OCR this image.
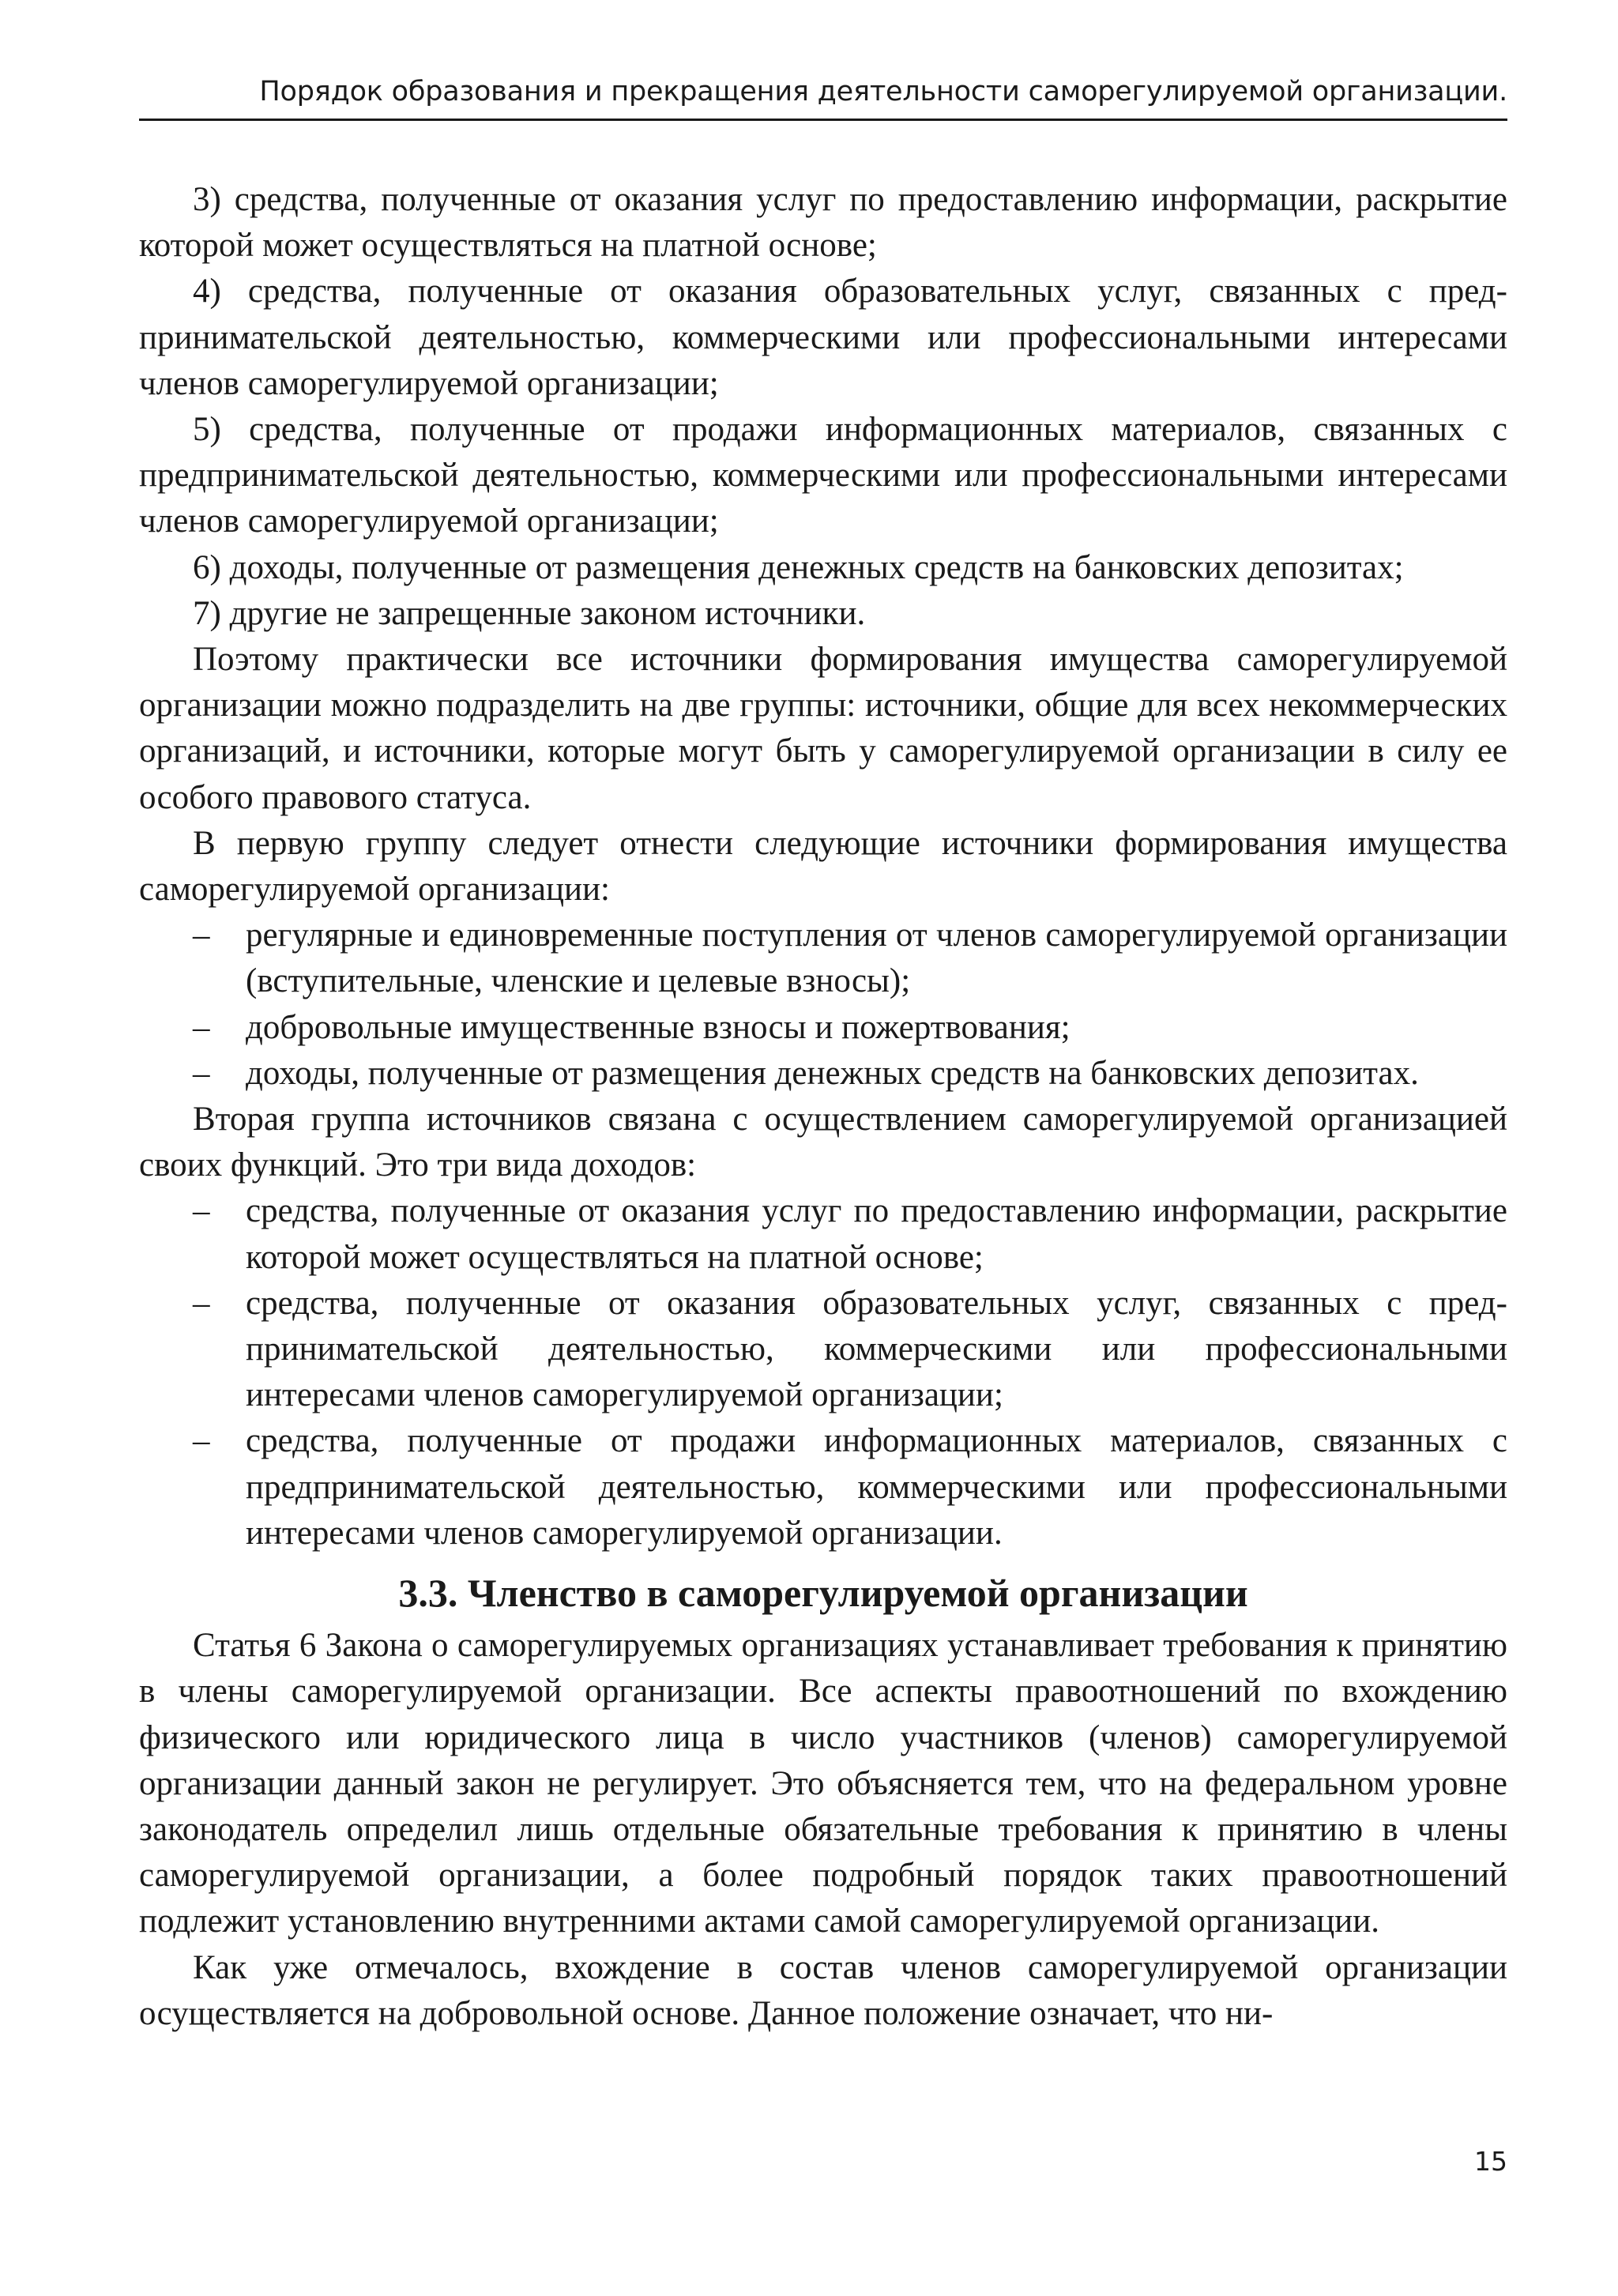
Порядок образования и прекращения деятельности саморегулируемой организации.

3) средства, полученные от оказания услуг по предоставлению информации, раскрытие которой может осуществляться на платной основе;

4) средства, полученные от оказания образовательных услуг, связанных с предпринимательской деятельностью, коммерческими или профессиональными интересами членов саморегулируемой организации;

5) средства, полученные от продажи информационных материалов, связанных с предпринимательской деятельностью, коммерческими или профессиональными интересами членов саморегулируемой организации;

6) доходы, полученные от размещения денежных средств на банковских депозитах;

7) другие не запрещенные законом источники.

Поэтому практически все источники формирования имущества саморегулируемой организации можно подразделить на две группы: источники, общие для всех некоммерческих организаций, и источники, которые могут быть у саморегулируемой организации в силу ее особого правового статуса.

В первую группу следует отнести следующие источники формирования имущества саморегулируемой организации:

– регулярные и единовременные поступления от членов саморегулируемой организации (вступительные, членские и целевые взносы);
– добровольные имущественные взносы и пожертвования;
– доходы, полученные от размещения денежных средств на банковских депозитах.

Вторая группа источников связана с осуществлением саморегулируемой организацией своих функций. Это три вида доходов:

– средства, полученные от оказания услуг по предоставлению информации, раскрытие которой может осуществляться на платной основе;
– средства, полученные от оказания образовательных услуг, связанных с предпринимательской деятельностью, коммерческими или профессиональными интересами членов саморегулируемой организации;
– средства, полученные от продажи информационных материалов, связанных с предпринимательской деятельностью, коммерческими или профессиональными интересами членов саморегулируемой организации.
3.3. Членство в саморегулируемой организации

Статья 6 Закона о саморегулируемых организациях устанавливает требования к принятию в члены саморегулируемой организации. Все аспекты правоотношений по вхождению физического или юридического лица в число участников (членов) саморегулируемой организации данный закон не регулирует. Это объясняется тем, что на федеральном уровне законодатель определил лишь отдельные обязательные требования к принятию в члены саморегулируемой организации, а более подробный порядок таких правоотношений подлежит установлению внутренними актами самой саморегулируемой организации.

Как уже отмечалось, вхождение в состав членов саморегулируемой организации осуществляется на добровольной основе. Данное положение означает, что ни-

15
